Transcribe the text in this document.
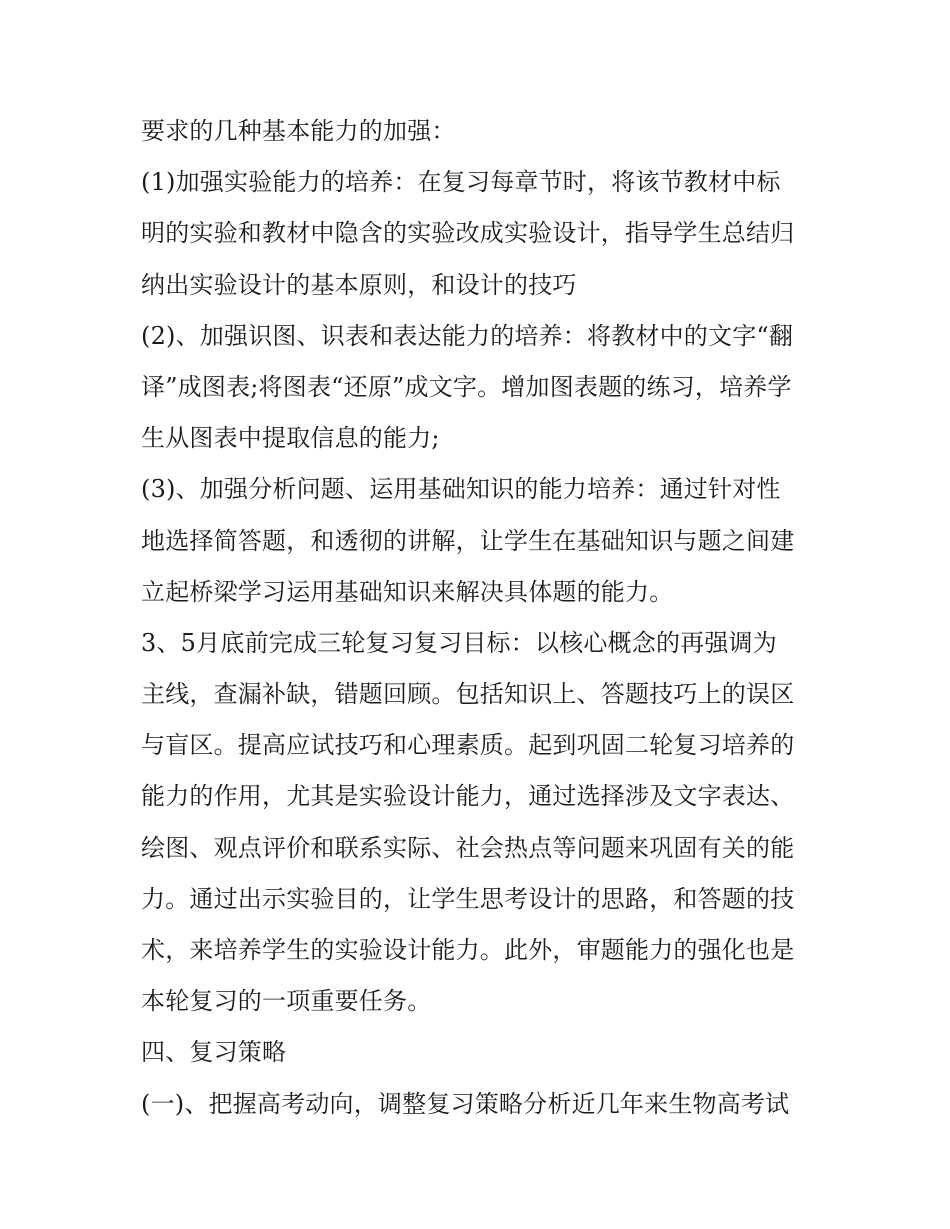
要求的几种基本能力的加强：
(1)加强实验能力的培养：在复习每章节时，将该节教材中标
明的实验和教材中隐含的实验改成实验设计，指导学生总结归
纳出实验设计的基本原则，和设计的技巧
(2)、加强识图、识表和表达能力的培养：将教材中的文字“翻
译”成图表;将图表“还原”成文字。增加图表题的练习，培养学
生从图表中提取信息的能力;
(3)、加强分析问题、运用基础知识的能力培养：通过针对性
地选择简答题，和透彻的讲解，让学生在基础知识与题之间建
立起桥梁学习运用基础知识来解决具体题的能力。
3、5月底前完成三轮复习复习目标：以核心概念的再强调为
主线，查漏补缺，错题回顾。包括知识上、答题技巧上的误区
与盲区。提高应试技巧和心理素质。起到巩固二轮复习培养的
能力的作用，尤其是实验设计能力，通过选择涉及文字表达、
绘图、观点评价和联系实际、社会热点等问题来巩固有关的能
力。通过出示实验目的，让学生思考设计的思路，和答题的技
术，来培养学生的实验设计能力。此外，审题能力的强化也是
本轮复习的一项重要任务。
四、复习策略
(一)、把握高考动向，调整复习策略分析近几年来生物高考试
